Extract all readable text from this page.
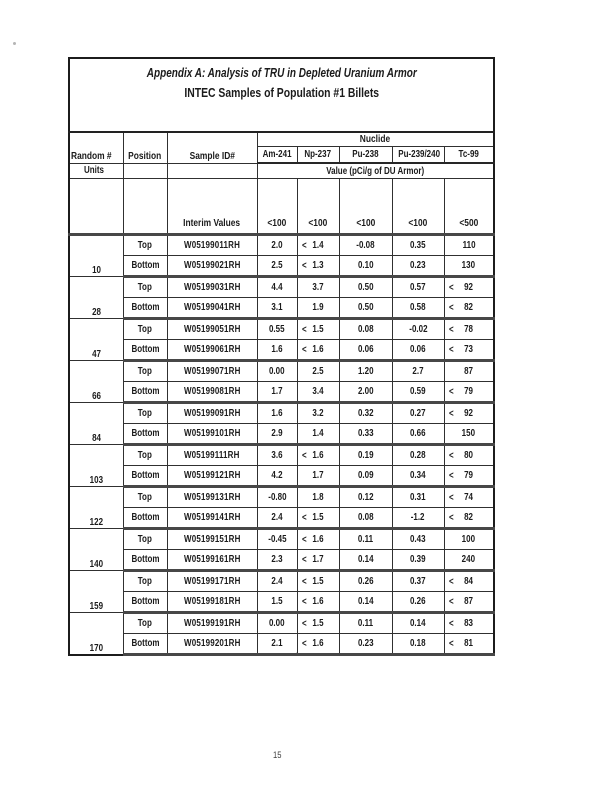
Appendix A: Analysis of TRU in Depleted Uranium Armor
INTEC Samples of Population #1 Billets							

Random #	Position	Sample ID#	Nuclide				
			Am-241	Np-237	Pu-238	Pu-239/240	Tc-99
Units			Value (pCi/g of DU Armor)				
		Interim Values	<100	<100	<100	<100	<500
10	Top	W05199011RH	2.0	< 1.4	-0.08	0.35	110
	Bottom	W05199021RH	2.5	< 1.3	0.10	0.23	130
28	Top	W05199031RH	4.4	3.7	0.50	0.57	< 92
	Bottom	W05199041RH	3.1	1.9	0.50	0.58	< 82
47	Top	W05199051RH	0.55	< 1.5	0.08	-0.02	< 78
	Bottom	W05199061RH	1.6	< 1.6	0.06	0.06	< 73
66	Top	W05199071RH	0.00	2.5	1.20	2.7	87
	Bottom	W05199081RH	1.7	3.4	2.00	0.59	< 79
84	Top	W05199091RH	1.6	3.2	0.32	0.27	< 92
	Bottom	W05199101RH	2.9	1.4	0.33	0.66	150
103	Top	W05199111RH	3.6	< 1.6	0.19	0.28	< 80
	Bottom	W05199121RH	4.2	1.7	0.09	0.34	< 79
122	Top	W05199131RH	-0.80	1.8	0.12	0.31	< 74
	Bottom	W05199141RH	2.4	< 1.5	0.08	-1.2	< 82
140	Top	W05199151RH	-0.45	< 1.6	0.11	0.43	100
	Bottom	W05199161RH	2.3	< 1.7	0.14	0.39	240
159	Top	W05199171RH	2.4	< 1.5	0.26	0.37	< 84
	Bottom	W05199181RH	1.5	< 1.6	0.14	0.26	< 87
170	Top	W05199191RH	0.00	< 1.5	0.11	0.14	< 83
	Bottom	W05199201RH	2.1	< 1.6	0.23	0.18	< 81
15
